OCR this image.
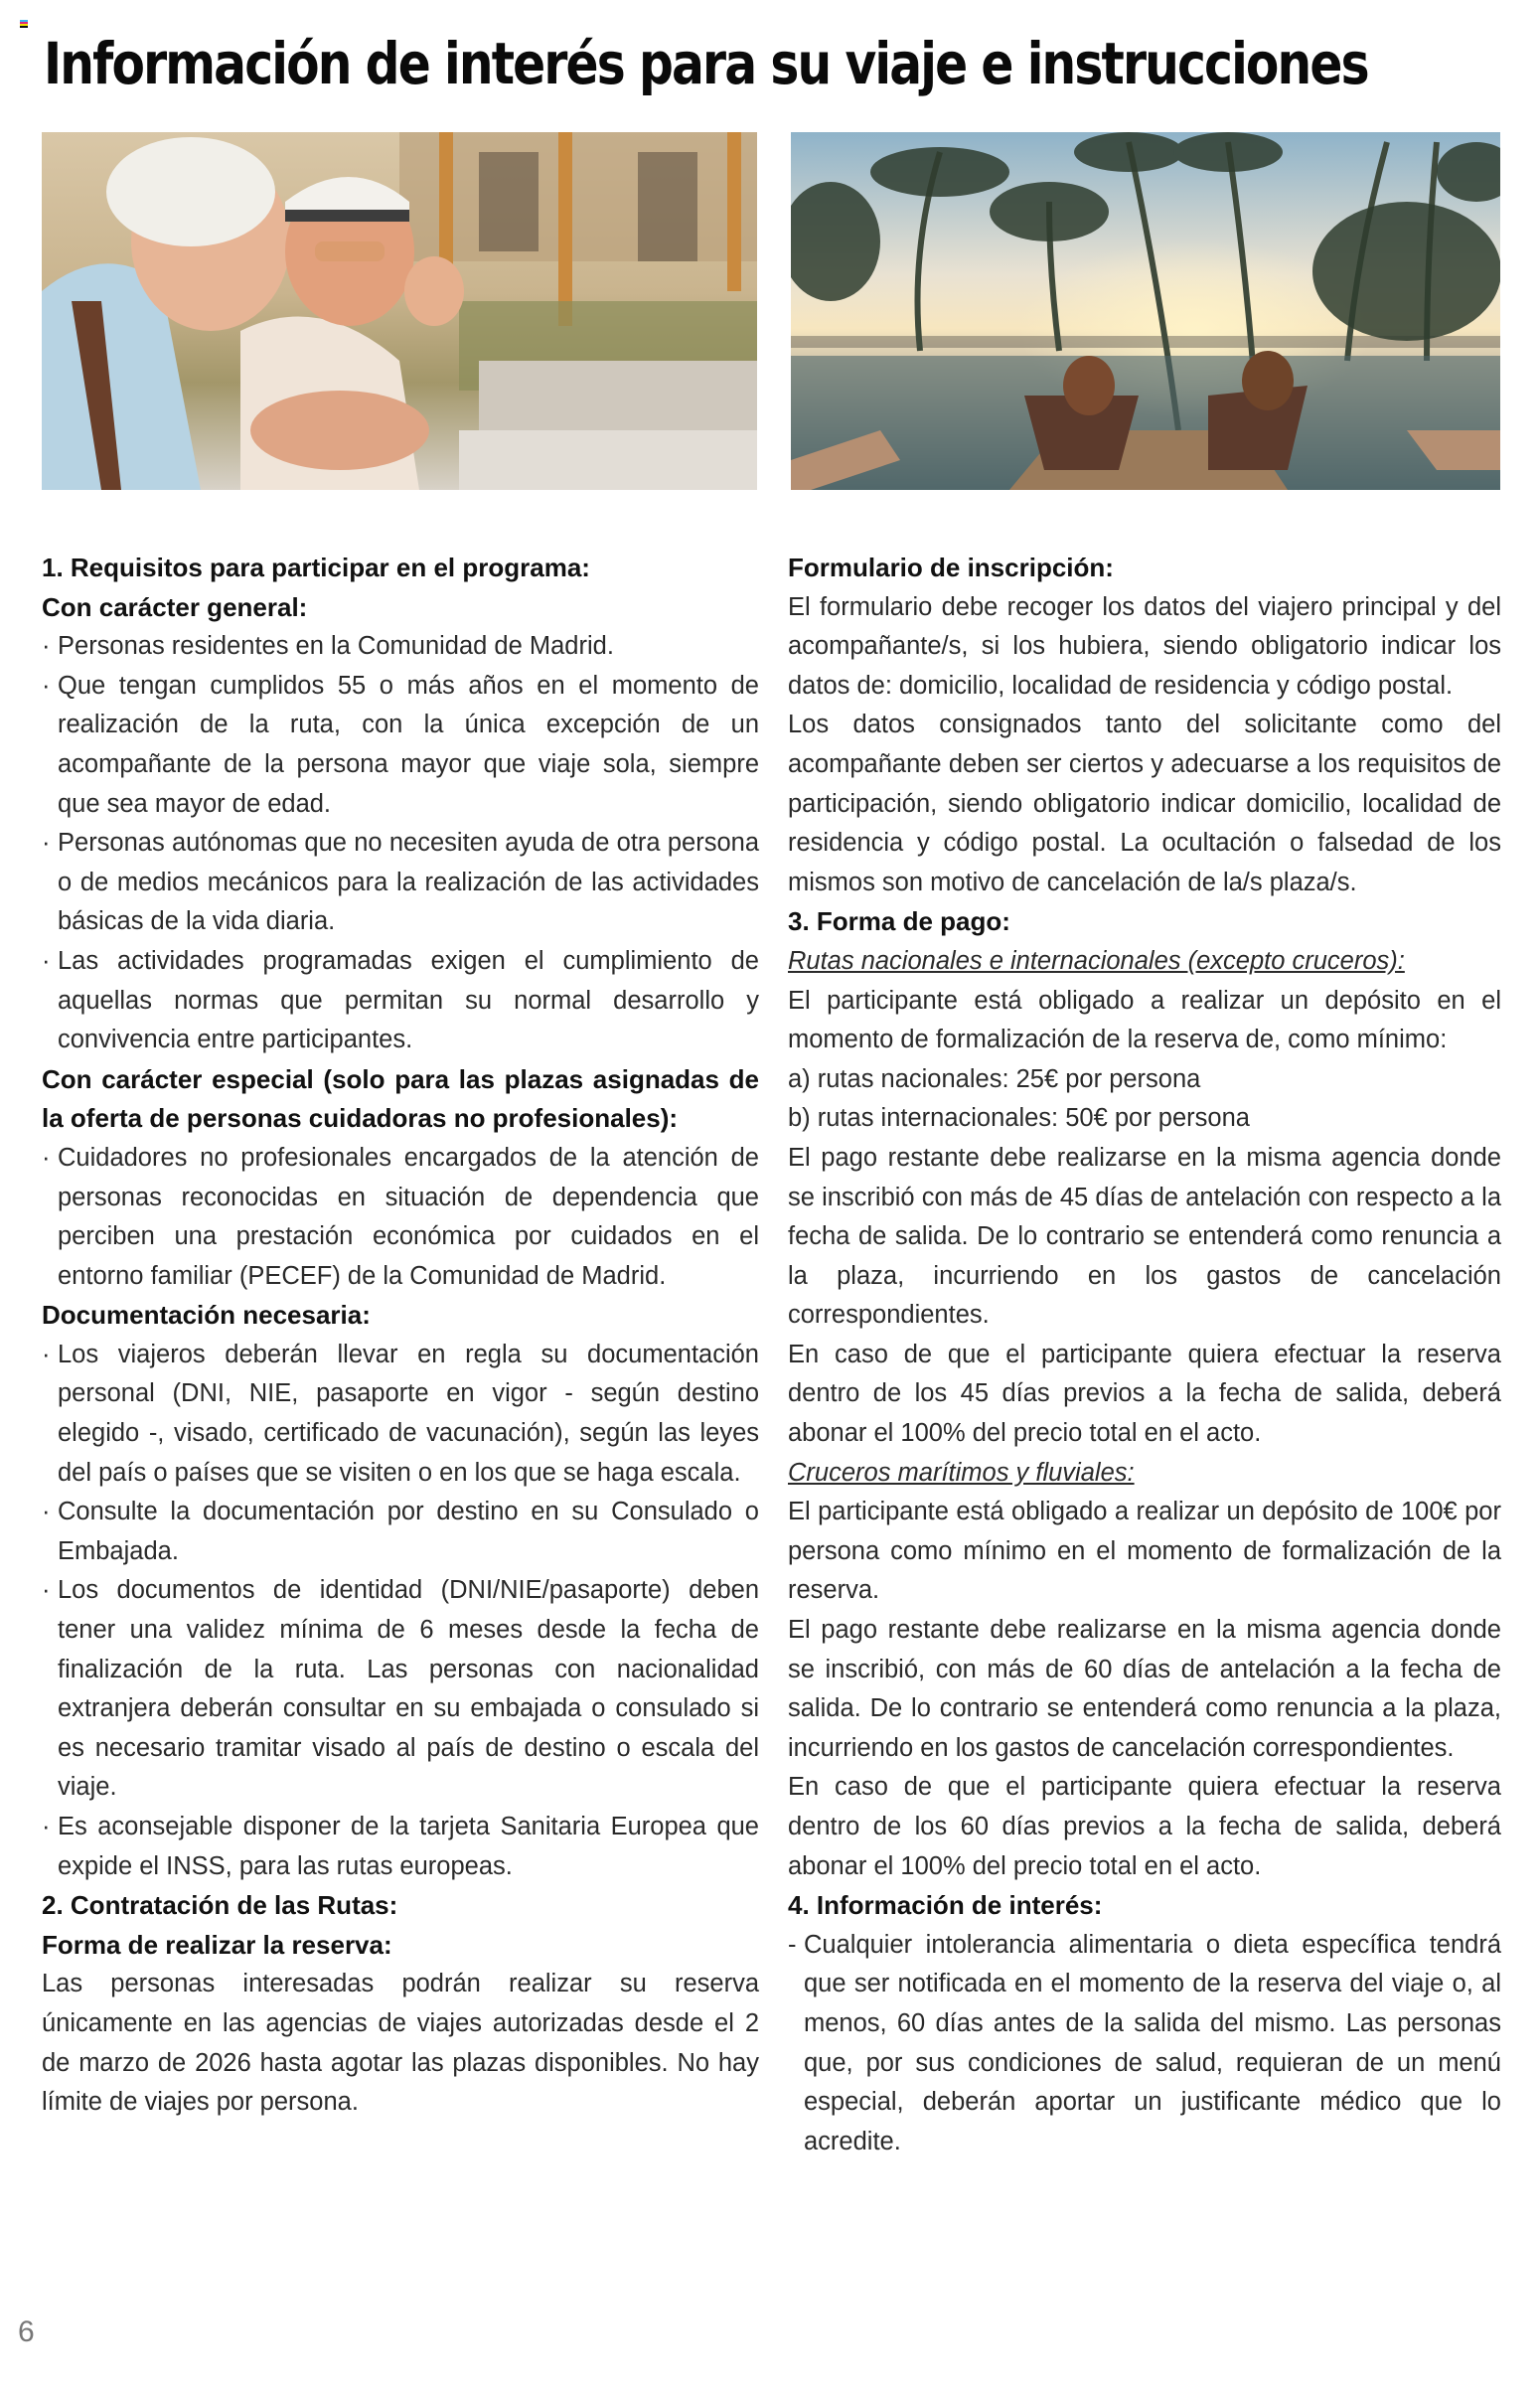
Información de interés para su viaje e instrucciones

1. Requisitos para participar en el programa:

Con carácter general:

· Personas residentes en la Comunidad de Madrid.

· Que tengan cumplidos 55 o más años en el momento de realización de la ruta, con la única excepción de un acompañante de la persona mayor que viaje sola, siempre que sea mayor de edad.

· Personas autónomas que no necesiten ayuda de otra persona o de medios mecánicos para la realización de las actividades básicas de la vida diaria.

· Las actividades programadas exigen el cumplimiento de aquellas normas que permitan su normal desarrollo y convivencia entre participantes.

Con carácter especial (solo para las plazas asignadas de la oferta de personas cuidadoras no profesionales):

· Cuidadores no profesionales encargados de la atención de personas reconocidas en situación de dependencia que perciben una prestación económica por cuidados en el entorno familiar (PECEF) de la Comunidad de Madrid.

Documentación necesaria:

· Los viajeros deberán llevar en regla su documentación personal (DNI, NIE, pasaporte en vigor - según destino elegido -, visado, certificado de vacunación), según las leyes del país o países que se visiten o en los que se haga escala.

· Consulte la documentación por destino en su Consulado o Embajada.

· Los documentos de identidad (DNI/NIE/pasaporte) deben tener una validez mínima de 6 meses desde la fecha de finalización de la ruta. Las personas con nacionalidad extranjera deberán consultar en su embajada o consulado si es necesario tramitar visado al país de destino o escala del viaje.

· Es aconsejable disponer de la tarjeta Sanitaria Europea que expide el INSS, para las rutas europeas.

2. Contratación de las Rutas:

Forma de realizar la reserva:

Las personas interesadas podrán realizar su reserva únicamente en las agencias de viajes autorizadas desde el 2 de marzo de 2026 hasta agotar las plazas disponibles. No hay límite de viajes por persona.

Formulario de inscripción:

El formulario debe recoger los datos del viajero principal y del acompañante/s, si los hubiera, siendo obligatorio indicar los datos de: domicilio, localidad de residencia y código postal.

Los datos consignados tanto del solicitante como del acompañante deben ser ciertos y adecuarse a los requisitos de participación, siendo obligatorio indicar domicilio, localidad de residencia y código postal. La ocultación o falsedad de los mismos son motivo de cancelación de la/s plaza/s.

3. Forma de pago:

Rutas nacionales e internacionales (excepto cruceros):

El participante está obligado a realizar un depósito en el momento de formalización de la reserva de, como mínimo:

a) rutas nacionales: 25€ por persona

b) rutas internacionales: 50€ por persona

El pago restante debe realizarse en la misma agencia donde se inscribió con más de 45 días de antelación con respecto a la fecha de salida. De lo contrario se entenderá como renuncia a la plaza, incurriendo en los gastos de cancelación correspondientes.

En caso de que el participante quiera efectuar la reserva dentro de los 45 días previos a la fecha de salida, deberá abonar el 100% del precio total en el acto.

Cruceros marítimos y fluviales:

El participante está obligado a realizar un depósito de 100€ por persona como mínimo en el momento de formalización de la reserva.

El pago restante debe realizarse en la misma agencia donde se inscribió, con más de 60 días de antelación a la fecha de salida. De lo contrario se entenderá como renuncia a la plaza, incurriendo en los gastos de cancelación correspondientes.

En caso de que el participante quiera efectuar la reserva dentro de los 60 días previos a la fecha de salida, deberá abonar el 100% del precio total en el acto.

4. Información de interés:

- Cualquier intolerancia alimentaria o dieta específica tendrá que ser notificada en el momento de la reserva del viaje o, al menos, 60 días antes de la salida del mismo. Las personas que, por sus condiciones de salud, requieran de un menú especial, deberán aportar un justificante médico que lo acredite.

6
